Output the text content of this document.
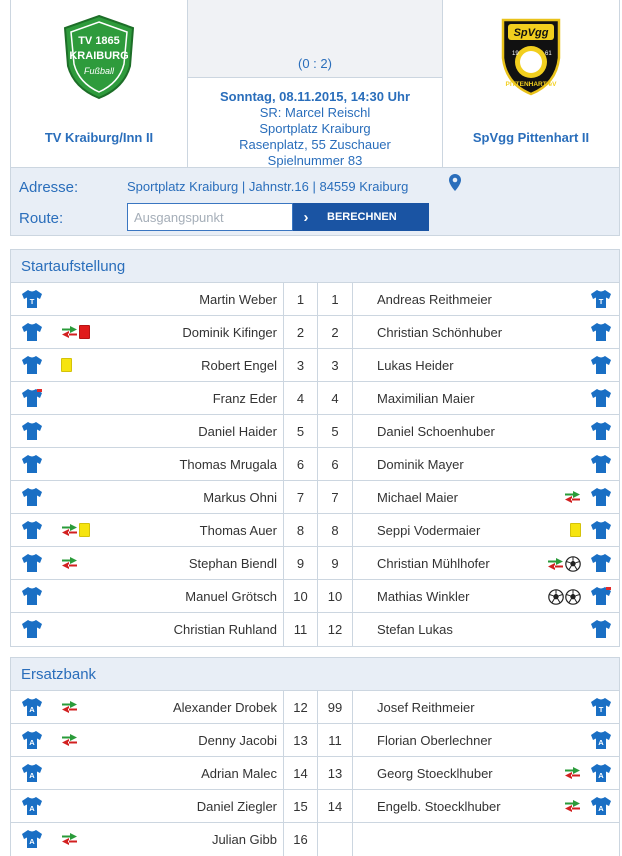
TV 1865
KRAIBURG
Fußball
TV Kraiburg/Inn II
(0 : 2)
Sonntag, 08.11.2015, 14:30 Uhr
SR: Marcel Reischl
Sportplatz Kraiburg
Rasenplatz, 55 Zuschauer
Spielnummer 83
SpVgg
19	61
PITTENHART eV
SpVgg Pittenhart II
Adresse:	Sportplatz Kraiburg | Jahnstr.16 | 84559 Kraiburg
Route:
Ausgangspunkt	›	BERECHNEN
Startaufstellung
T	Martin Weber	1	1	Andreas Reithmeier	T
Dominik Kifinger	2	2	Christian Schönhuber
Robert Engel	3	3	Lukas Heider
Franz Eder	4	4	Maximilian Maier
Daniel Haider	5	5	Daniel Schoenhuber
Thomas Mrugala	6	6	Dominik Mayer
Markus Ohni	7	7	Michael Maier
Thomas Auer	8	8	Seppi Vodermaier
Stephan Biendl	9	9	Christian Mühlhofer
Manuel Grötsch	10	10	Mathias Winkler
Christian Ruhland	11	12	Stefan Lukas
Ersatzbank
A	Alexander Drobek	12	99	Josef Reithmeier	T
A	Denny Jacobi	13	11	Florian Oberlechner	A
A	Adrian Malec	14	13	Georg Stoecklhuber	A
A	Daniel Ziegler	15	14	Engelb. Stoecklhuber	A
A	Julian Gibb	16
